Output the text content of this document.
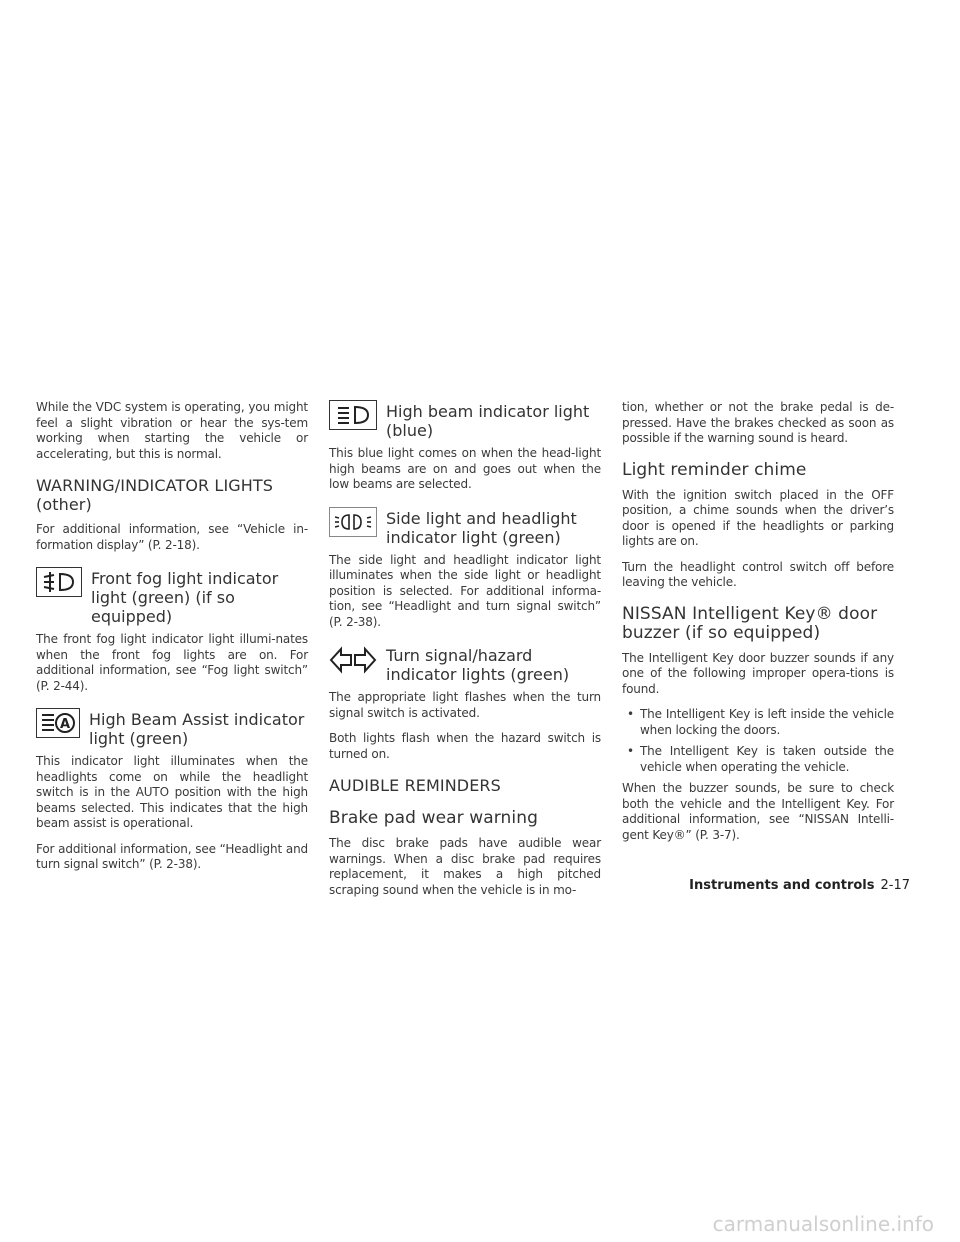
While the VDC system is operating, you might feel a slight vibration or hear the sys-tem working when starting the vehicle or accelerating, but this is normal.

WARNING/INDICATOR LIGHTS (other)

For additional information, see “Vehicle in-formation display” (P. 2-18).

Front fog light indicator light (green) (if so equipped)

The front fog light indicator light illumi-nates when the front fog lights are on. For additional information, see “Fog light switch” (P. 2-44).

A High Beam Assist indicator light (green)

This indicator light illuminates when the headlights come on while the headlight switch is in the AUTO position with the high beams selected. This indicates that the high beam assist is operational.

For additional information, see “Headlight and turn signal switch” (P. 2-38).

High beam indicator light (blue)

This blue light comes on when the head-light high beams are on and goes out when the low beams are selected.

Side light and headlight indicator light (green)

The side light and headlight indicator light illuminates when the side light or headlight position is selected. For additional informa-tion, see “Headlight and turn signal switch” (P. 2-38).

Turn signal/hazard indicator lights (green)

The appropriate light flashes when the turn signal switch is activated.

Both lights flash when the hazard switch is turned on.

AUDIBLE REMINDERS
Brake pad wear warning

The disc brake pads have audible wear warnings. When a disc brake pad requires replacement, it makes a high pitched scraping sound when the vehicle is in mo-

tion, whether or not the brake pedal is de-pressed. Have the brakes checked as soon as possible if the warning sound is heard.

Light reminder chime

With the ignition switch placed in the OFF position, a chime sounds when the driver’s door is opened if the headlights or parking lights are on.

Turn the headlight control switch off before leaving the vehicle.

NISSAN Intelligent Key® door buzzer (if so equipped)

The Intelligent Key door buzzer sounds if any one of the following improper opera-tions is found.

• The Intelligent Key is left inside the vehicle when locking the doors.
• The Intelligent Key is taken outside the vehicle when operating the vehicle.

When the buzzer sounds, be sure to check both the vehicle and the Intelligent Key. For additional information, see “NISSAN Intelli-gent Key®” (P. 3-7).

Instruments and controls 2-17
carmanualsonline.info
